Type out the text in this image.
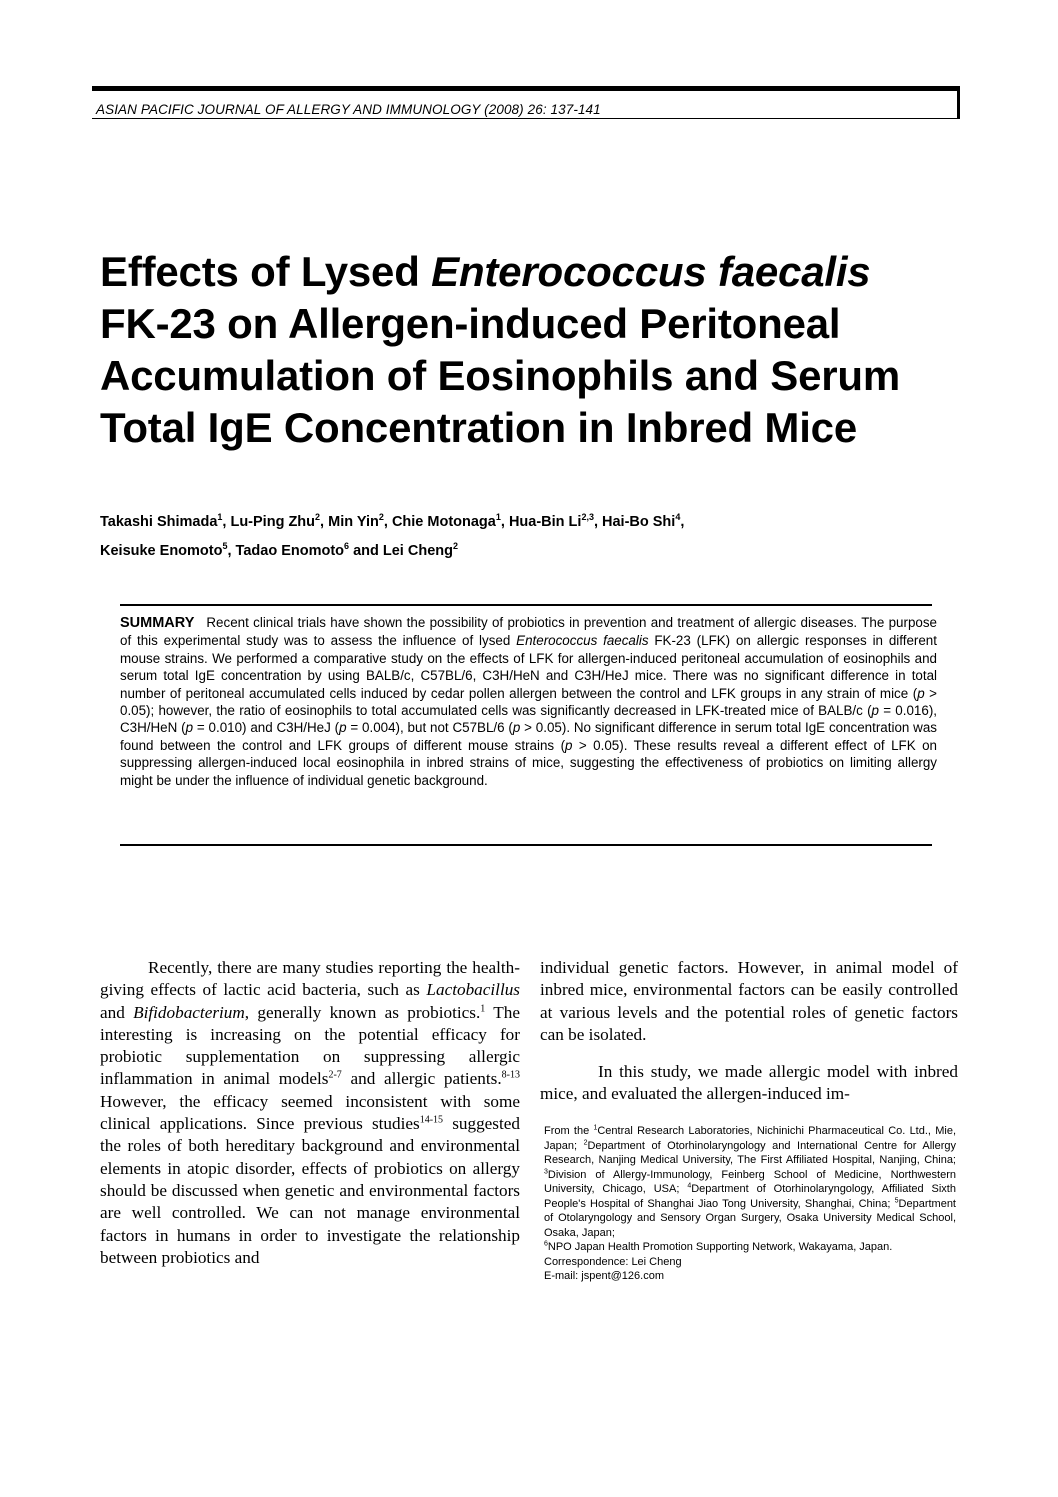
ASIAN PACIFIC JOURNAL OF ALLERGY AND IMMUNOLOGY (2008) 26: 137-141
Effects of Lysed Enterococcus faecalis
FK-23 on Allergen-induced Peritoneal
Accumulation of Eosinophils and Serum
Total IgE Concentration in Inbred Mice
Takashi Shimada$^1$, Lu-Ping Zhu$^2$, Min Yin$^2$, Chie Motonaga$^1$, Hua-Bin Li$^{2,3}$, Hai-Bo Shi$^4$,
Keisuke Enomoto$^5$, Tadao Enomoto$^6$ and Lei Cheng$^2$
SUMMARY Recent clinical trials have shown the possibility of probiotics in prevention and treatment of allergic diseases. The purpose of this experimental study was to assess the influence of lysed Enterococcus faecalis FK-23 (LFK) on allergic responses in different mouse strains. We performed a comparative study on the effects of LFK for allergen-induced peritoneal accumulation of eosinophils and serum total IgE concentration by using BALB/c, C57BL/6, C3H/HeN and C3H/HeJ mice. There was no significant difference in total number of peritoneal accumulated cells induced by cedar pollen allergen between the control and LFK groups in any strain of mice (p > 0.05); however, the ratio of eosinophils to total accumulated cells was significantly decreased in LFK-treated mice of BALB/c (p = 0.016), C3H/HeN (p = 0.010) and C3H/HeJ (p = 0.004), but not C57BL/6 (p > 0.05). No significant difference in serum total IgE concentration was found between the control and LFK groups of different mouse strains (p > 0.05). These results reveal a different effect of LFK on suppressing allergen-induced local eosinophila in inbred strains of mice, suggesting the effectiveness of probiotics on limiting allergy might be under the influence of individual genetic background.

Recently, there are many studies reporting the health-giving effects of lactic acid bacteria, such as Lactobacillus and Bifidobacterium, generally known as probiotics.$^1$ The interesting is increasing on the potential efficacy for probiotic supplementation on suppressing allergic inflammation in animal models$^{2-7}$ and allergic patients.$^{8-13}$ However, the efficacy seemed inconsistent with some clinical applications. Since previous studies$^{14-15}$ suggested the roles of both hereditary background and environmental elements in atopic disorder, effects of probiotics on allergy should be discussed when genetic and environmental factors are well controlled. We can not manage environmental factors in humans in order to investigate the relationship between probiotics and

individual genetic factors. However, in animal model of inbred mice, environmental factors can be easily controlled at various levels and the potential roles of genetic factors can be isolated.

In this study, we made allergic model with inbred mice, and evaluated the allergen-induced im-

From the $^1$Central Research Laboratories, Nichinichi Pharmaceutical Co. Ltd., Mie, Japan; $^2$Department of Otorhinolaryngology and International Centre for Allergy Research, Nanjing Medical University, The First Affiliated Hospital, Nanjing, China; $^3$Division of Allergy-Immunology, Feinberg School of Medicine, Northwestern University, Chicago, USA; $^4$Department of Otorhinolaryngology, Affiliated Sixth People's Hospital of Shanghai Jiao Tong University, Shanghai, China; $^5$Department of Otolaryngology and Sensory Organ Surgery, Osaka University Medical School, Osaka, Japan;
$^6$NPO Japan Health Promotion Supporting Network, Wakayama, Japan.
Correspondence: Lei Cheng
E-mail: jspent@126.com
